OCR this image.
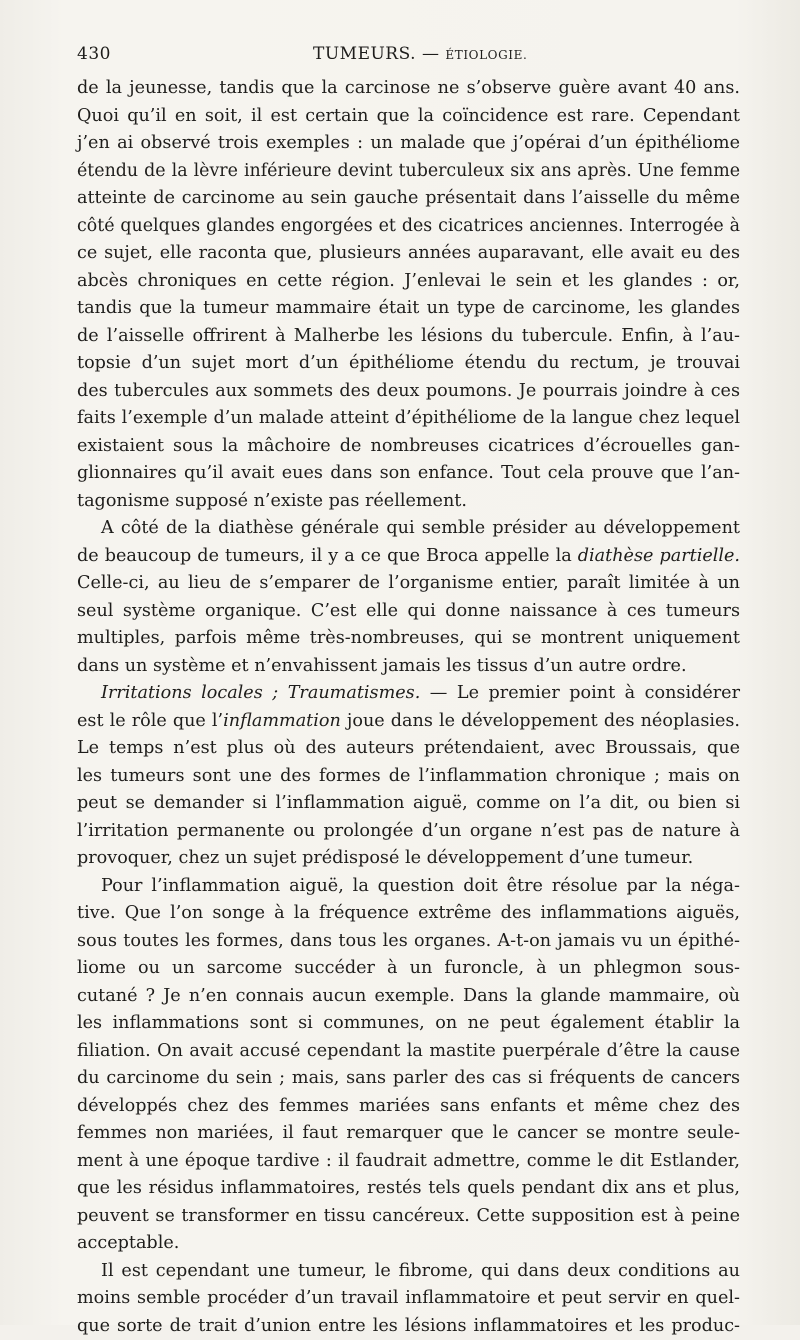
430	TUMEURS. — ÉTIOLOGIE.
de la jeunesse, tandis que la carcinose ne s’observe guère avant 40 ans.
Quoi qu’il en soit, il est certain que la coïncidence est rare. Cependant
j’en ai observé trois exemples : un malade que j’opérai d’un épithéliome
étendu de la lèvre inférieure devint tuberculeux six ans après. Une femme
atteinte de carcinome au sein gauche présentait dans l’aisselle du même
côté quelques glandes engorgées et des cicatrices anciennes. Interrogée à
ce sujet, elle raconta que, plusieurs années auparavant, elle avait eu des
abcès chroniques en cette région. J’enlevai le sein et les glandes : or,
tandis que la tumeur mammaire était un type de carcinome, les glandes
de l’aisselle offrirent à Malherbe les lésions du tubercule. Enfin, à l’au-
topsie d’un sujet mort d’un épithéliome étendu du rectum, je trouvai
des tubercules aux sommets des deux poumons. Je pourrais joindre à ces
faits l’exemple d’un malade atteint d’épithéliome de la langue chez lequel
existaient sous la mâchoire de nombreuses cicatrices d’écrouelles gan-
glionnaires qu’il avait eues dans son enfance. Tout cela prouve que l’an-
tagonisme supposé n’existe pas réellement.
A côté de la diathèse générale qui semble présider au développement
de beaucoup de tumeurs, il y a ce que Broca appelle la diathèse partielle.
Celle-ci, au lieu de s’emparer de l’organisme entier, paraît limitée à un
seul système organique. C’est elle qui donne naissance à ces tumeurs
multiples, parfois même très-nombreuses, qui se montrent uniquement
dans un système et n’envahissent jamais les tissus d’un autre ordre.
Irritations locales ; Traumatismes. — Le premier point à considérer
est le rôle que l’inflammation joue dans le développement des néoplasies.
Le temps n’est plus où des auteurs prétendaient, avec Broussais, que
les tumeurs sont une des formes de l’inflammation chronique ; mais on
peut se demander si l’inflammation aiguë, comme on l’a dit, ou bien si
l’irritation permanente ou prolongée d’un organe n’est pas de nature à
provoquer, chez un sujet prédisposé le développement d’une tumeur.
Pour l’inflammation aiguë, la question doit être résolue par la néga-
tive. Que l’on songe à la fréquence extrême des inflammations aiguës,
sous toutes les formes, dans tous les organes. A-t-on jamais vu un épithé-
liome ou un sarcome succéder à un furoncle, à un phlegmon sous-
cutané ? Je n’en connais aucun exemple. Dans la glande mammaire, où
les inflammations sont si communes, on ne peut également établir la
filiation. On avait accusé cependant la mastite puerpérale d’être la cause
du carcinome du sein ; mais, sans parler des cas si fréquents de cancers
développés chez des femmes mariées sans enfants et même chez des
femmes non mariées, il faut remarquer que le cancer se montre seule-
ment à une époque tardive : il faudrait admettre, comme le dit Estlander,
que les résidus inflammatoires, restés tels quels pendant dix ans et plus,
peuvent se transformer en tissu cancéreux. Cette supposition est à peine
acceptable.
Il est cependant une tumeur, le fibrome, qui dans deux conditions au
moins semble procéder d’un travail inflammatoire et peut servir en quel-
que sorte de trait d’union entre les lésions inflammatoires et les produc-
